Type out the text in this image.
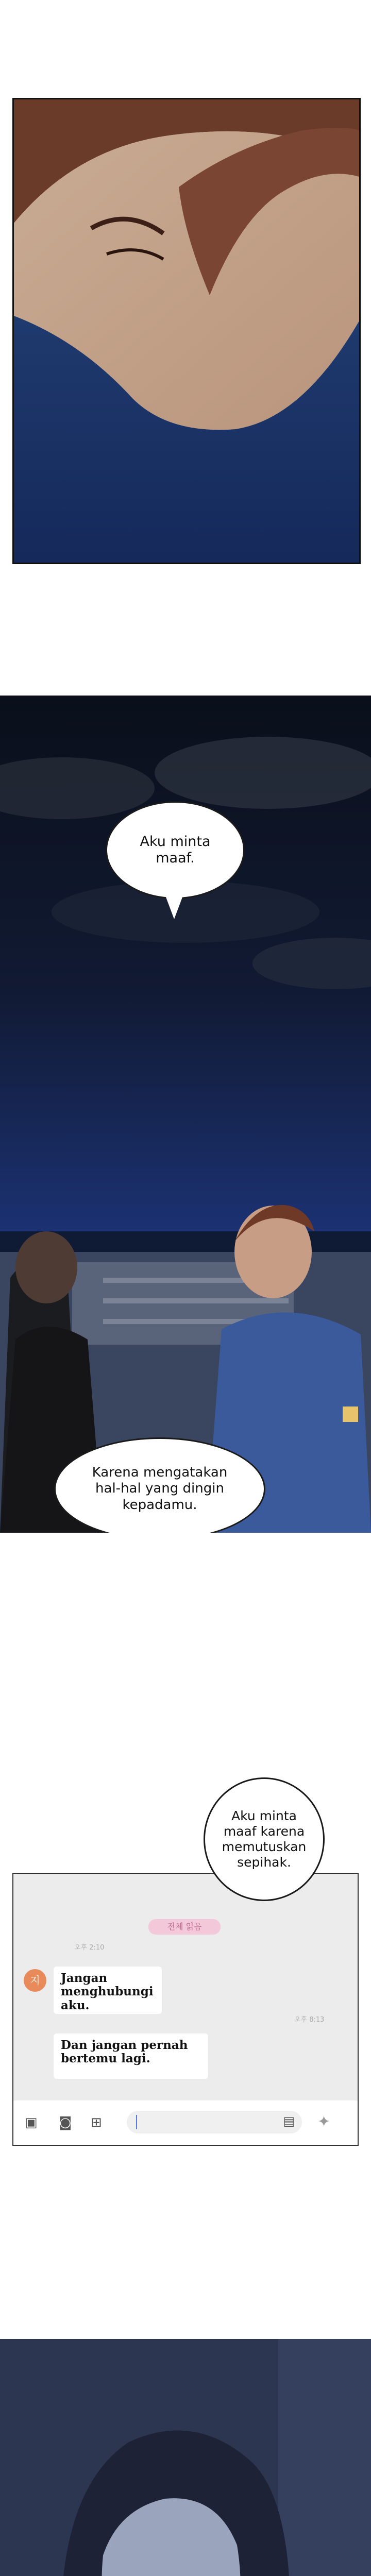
Aku minta maaf.
Karena mengatakan hal-hal yang dingin kepadamu.
전체 읽음
오후 2:10
지	Jangan menghubungi aku.
오후 8:13
Dan jangan pernah bertemu lagi.
▣ ◙ ⊞	▤ ✦
Aku minta maaf karena memutuskan sepihak.
